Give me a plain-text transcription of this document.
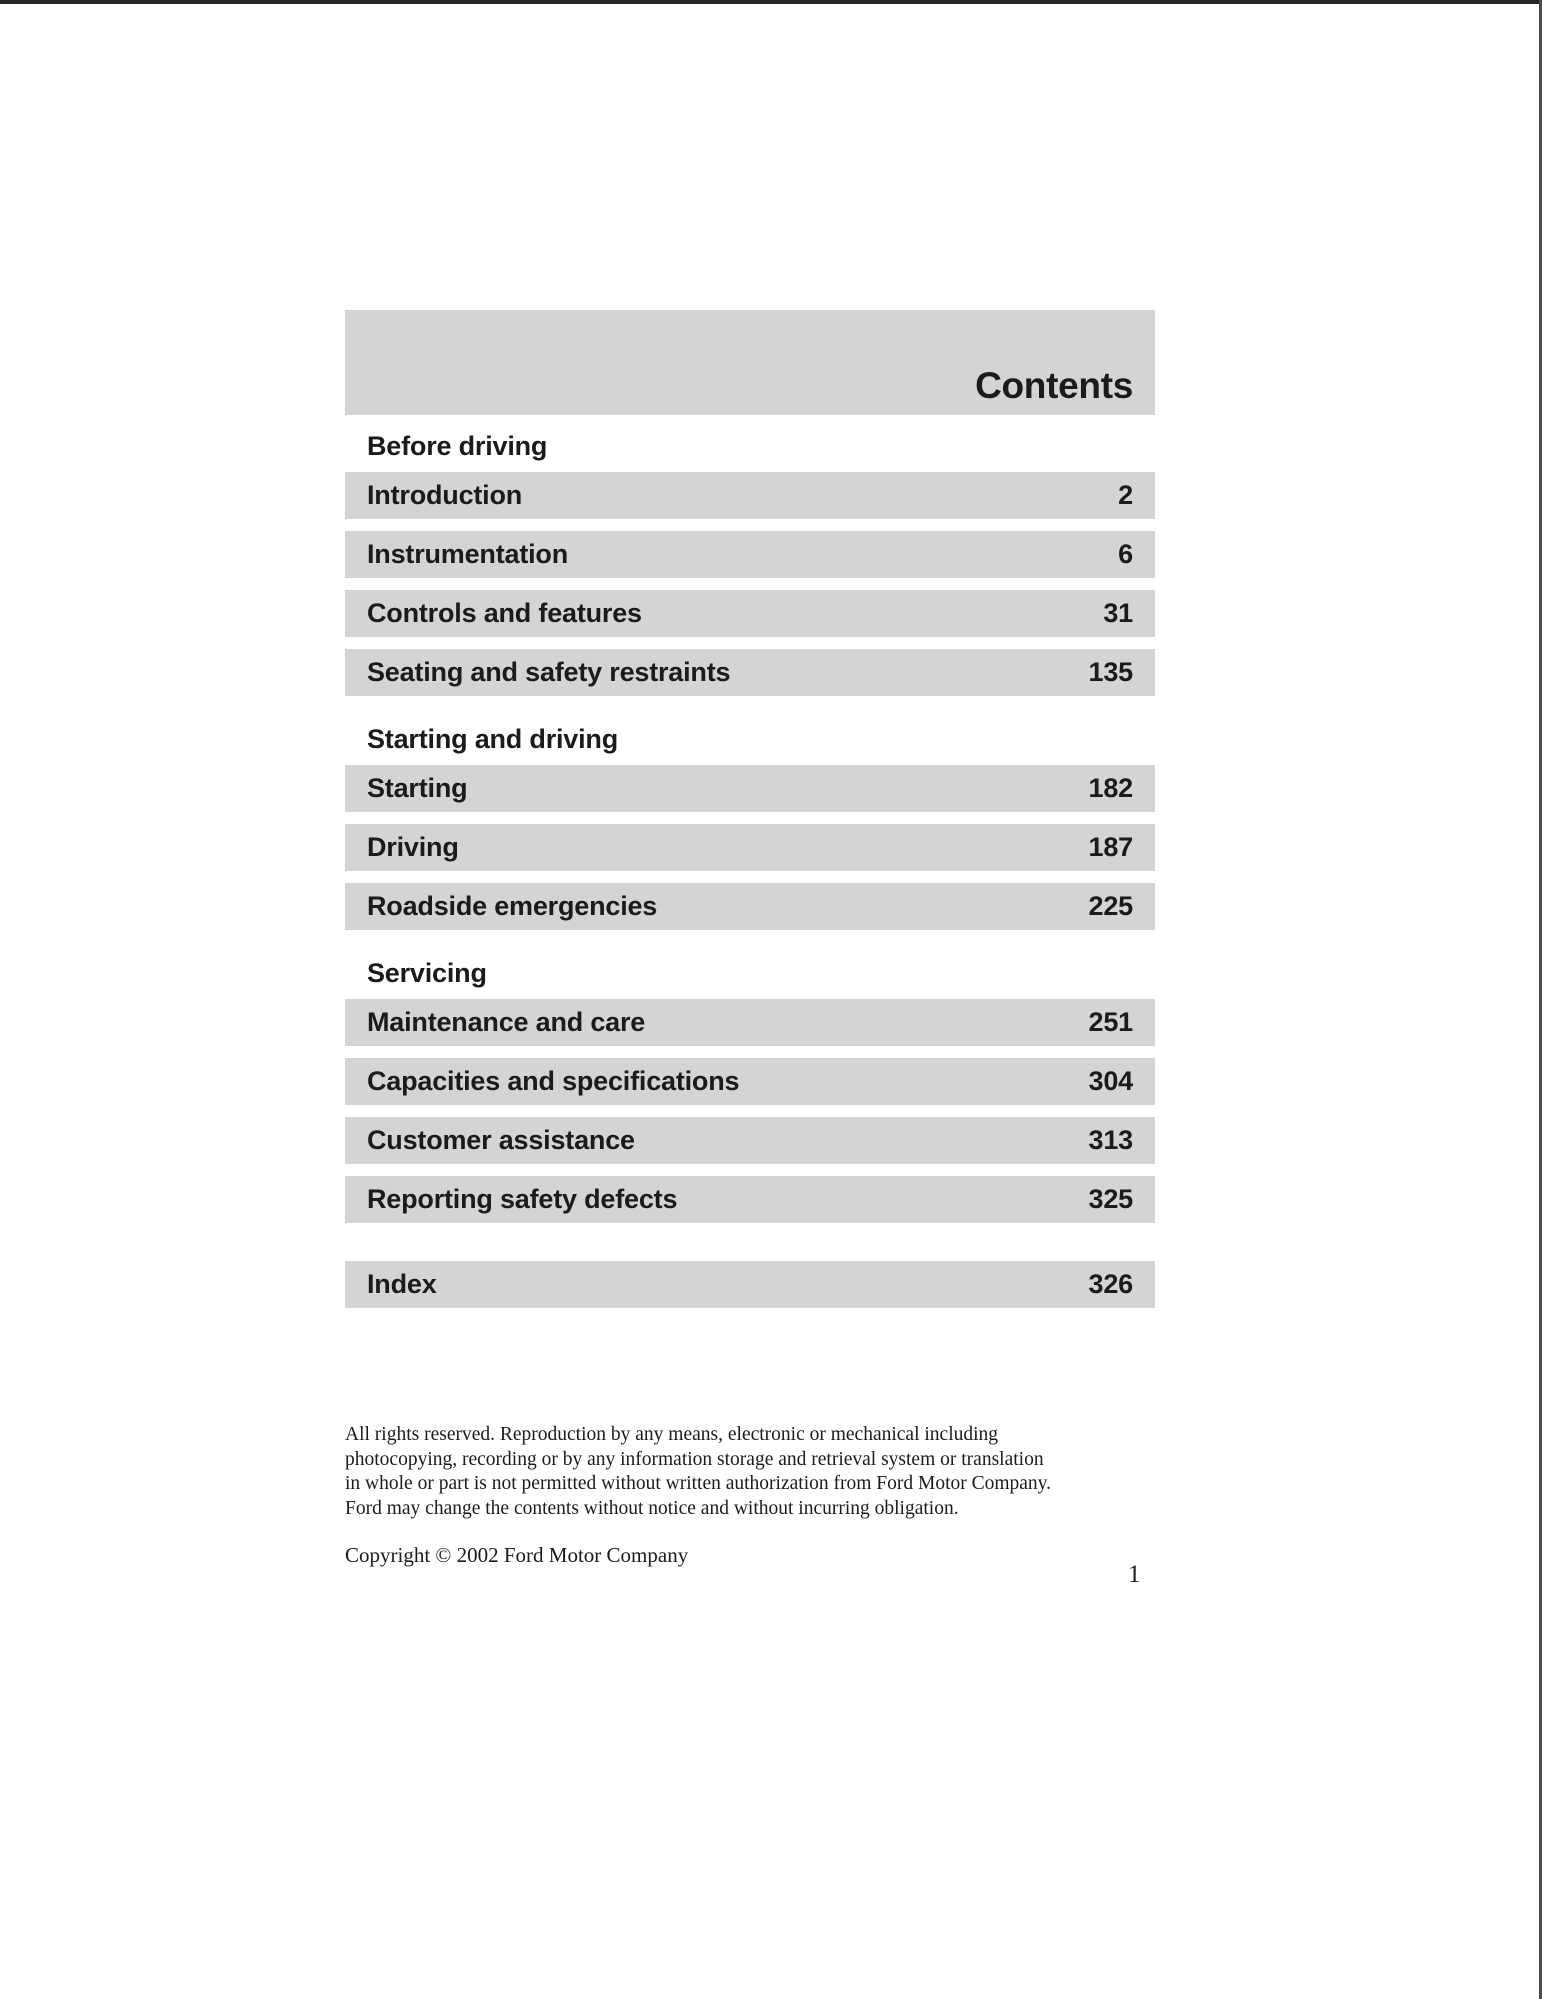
Contents
Before driving
Introduction	2
Instrumentation	6
Controls and features	31
Seating and safety restraints	135
Starting and driving
Starting	182
Driving	187
Roadside emergencies	225
Servicing
Maintenance and care	251
Capacities and specifications	304
Customer assistance	313
Reporting safety defects	325
Index	326

All rights reserved. Reproduction by any means, electronic or mechanical including

photocopying, recording or by any information storage and retrieval system or translation

in whole or part is not permitted without written authorization from Ford Motor Company.

Ford may change the contents without notice and without incurring obligation.

Copyright © 2002 Ford Motor Company

1
